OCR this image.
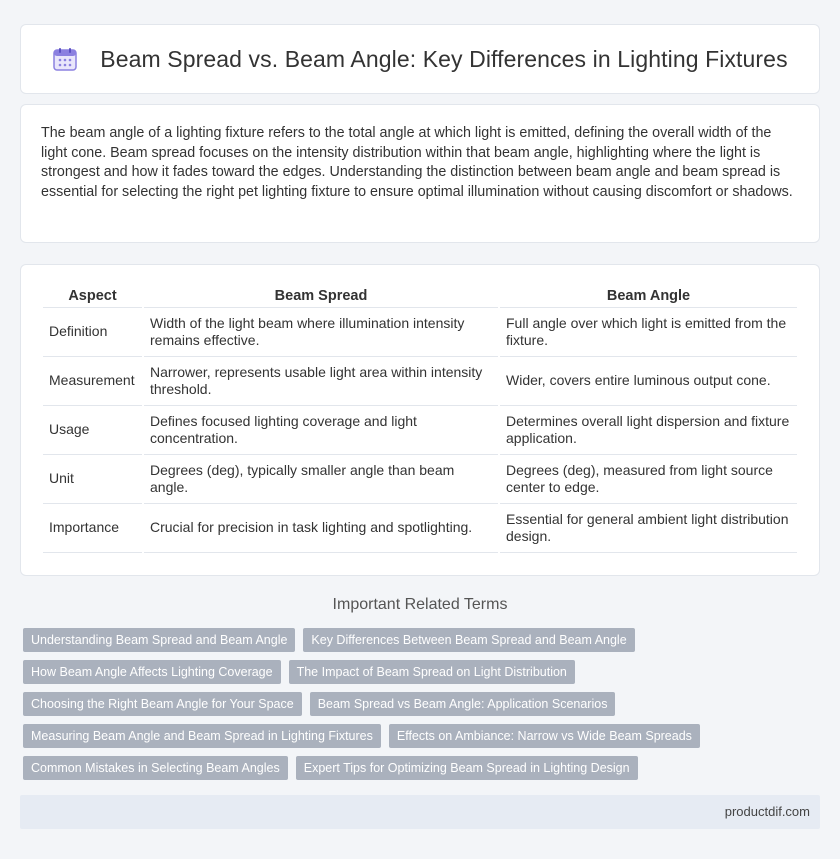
Beam Spread vs. Beam Angle: Key Differences in Lighting Fixtures

The beam angle of a lighting fixture refers to the total angle at which light is emitted, defining the overall width of the light cone. Beam spread focuses on the intensity distribution within that beam angle, highlighting where the light is strongest and how it fades toward the edges. Understanding the distinction between beam angle and beam spread is essential for selecting the right pet lighting fixture to ensure optimal illumination without causing discomfort or shadows.

Aspect	Beam Spread	Beam Angle
Definition	Width of the light beam where illumination intensity remains effective.	Full angle over which light is emitted from the fixture.
Measurement	Narrower, represents usable light area within intensity threshold.	Wider, covers entire luminous output cone.
Usage	Defines focused lighting coverage and light concentration.	Determines overall light dispersion and fixture application.
Unit	Degrees (deg), typically smaller angle than beam angle.	Degrees (deg), measured from light source center to edge.
Importance	Crucial for precision in task lighting and spotlighting.	Essential for general ambient light distribution design.
Important Related Terms
Understanding Beam Spread and Beam Angle	Key Differences Between Beam Spread and Beam Angle
How Beam Angle Affects Lighting Coverage	The Impact of Beam Spread on Light Distribution
Choosing the Right Beam Angle for Your Space	Beam Spread vs Beam Angle: Application Scenarios
Measuring Beam Angle and Beam Spread in Lighting Fixtures	Effects on Ambiance: Narrow vs Wide Beam Spreads
Common Mistakes in Selecting Beam Angles	Expert Tips for Optimizing Beam Spread in Lighting Design
productdif.com
